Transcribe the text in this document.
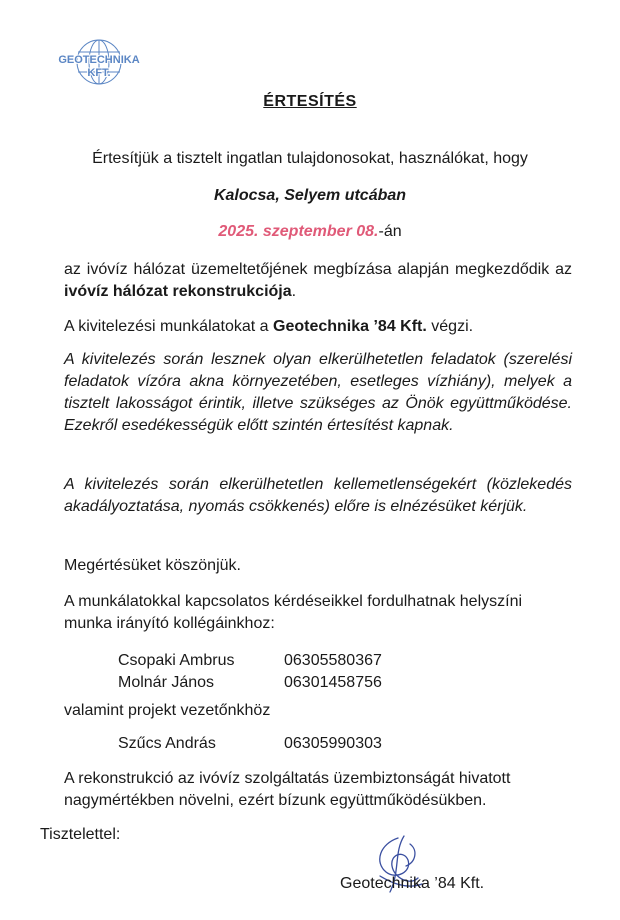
GEOTECHNIKA
KFT.
ÉRTESÍTÉS
Értesítjük a tisztelt ingatlan tulajdonosokat, használókat, hogy
Kalocsa, Selyem utcában
2025. szeptember 08.-án
az ivóvíz hálózat üzemeltetőjének megbízása alapján megkezdődik az ivóvíz hálózat rekonstrukciója.
A kivitelezési munkálatokat a Geotechnika ’84 Kft. végzi.
A kivitelezés során lesznek olyan elkerülhetetlen feladatok (szerelési feladatok vízóra akna környezetében, esetleges vízhiány), melyek a tisztelt lakosságot érintik, illetve szükséges az Önök együttműködése. Ezekről esedékességük előtt szintén értesítést kapnak.
A kivitelezés során elkerülhetetlen kellemetlenségekért (közlekedés akadályoztatása, nyomás csökkenés) előre is elnézésüket kérjük.
Megértésüket köszönjük.
A munkálatokkal kapcsolatos kérdéseikkel fordulhatnak helyszíni munka irányító kollégáinkhoz:
Csopaki Ambrus	06305580367
Molnár János	06301458756
valamint projekt vezetőnkhöz
Szűcs András	06305990303
A rekonstrukció az ivóvíz szolgáltatás üzembiztonságát hivatott nagymértékben növelni, ezért bízunk együttműködésükben.
Tisztelettel:
Geotechnika ’84 Kft.
